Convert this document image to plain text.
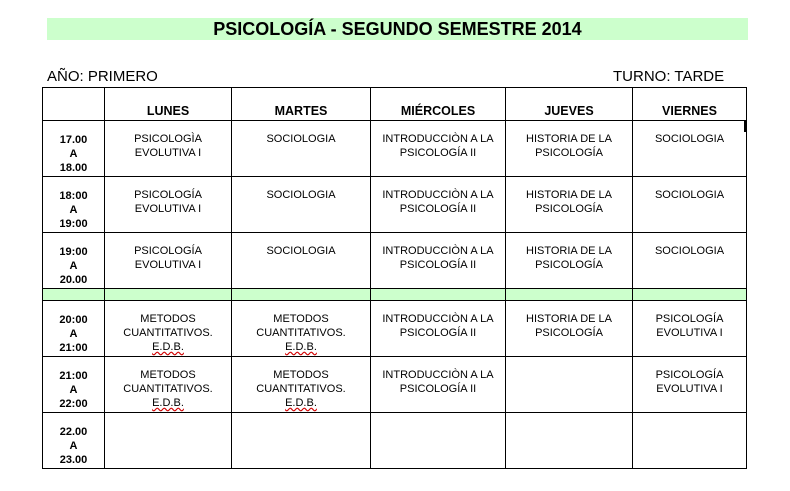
PSICOLOGÍA - SEGUNDO SEMESTRE 2014
AÑO: PRIMERO	TURNO: TARDE

	LUNES	MARTES	MIÉRCOLES	JUEVES	VIERNES

17.00
A
18.00	PSICOLOGÌA
EVOLUTIVA I	SOCIOLOGIA	INTRODUCCIÒN A LA
PSICOLOGÍA II	HISTORIA DE LA
PSICOLOGÍA	SOCIOLOGIA

18:00
A
19:00	PSICOLOGÍA
EVOLUTIVA I	SOCIOLOGIA	INTRODUCCIÒN A LA
PSICOLOGÍA II	HISTORIA DE LA
PSICOLOGÍA	SOCIOLOGIA

19:00
A
20.00	PSICOLOGÍA
EVOLUTIVA I	SOCIOLOGIA	INTRODUCCIÒN A LA
PSICOLOGÍA II	HISTORIA DE LA
PSICOLOGÍA	SOCIOLOGIA

20:00
A
21:00	METODOS
CUANTITATIVOS.
E.D.B.	METODOS
CUANTITATIVOS.
E.D.B.	INTRODUCCIÒN A LA
PSICOLOGÍA II	HISTORIA DE LA
PSICOLOGÍA	PSICOLOGÍA
EVOLUTIVA I

21:00
A
22:00	METODOS
CUANTITATIVOS.
E.D.B.	METODOS
CUANTITATIVOS.
E.D.B.	INTRODUCCIÒN A LA
PSICOLOGÍA II		PSICOLOGÍA
EVOLUTIVA I

22.00
A
23.00					
